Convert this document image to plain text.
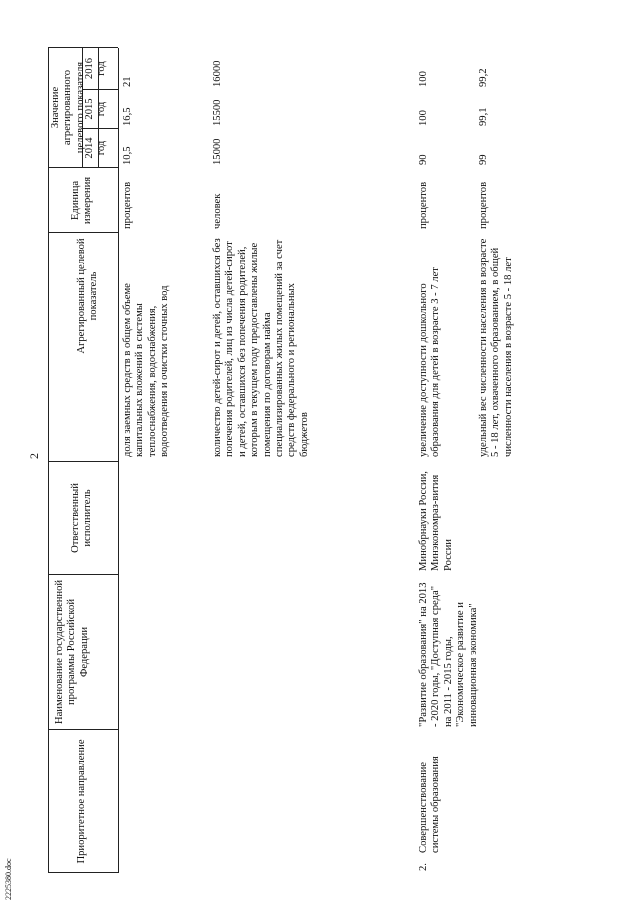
2
Приоритетное направление
Наименование государственной программы Российской Федерации
Ответственный исполнитель
Агрегированный целевой показатель
Единица измерения
Значение агрегированного целевого показателя
2014 год
2015 год
2016 год
доля заемных средств в общем объеме капитальных вложений в системы теплоснабжения, водоснабжения, водоотведения и очистки сточных вод
процентов
10,5
16,5
21
количество детей-сирот и детей, оставшихся без попечения родителей, лиц из числа детей-сирот и детей, оставшихся без попечения родителей, которым в текущем году предоставлены жилые помещения по договорам найма специализированных жилых помещений за счет средств федерального и региональных бюджетов
человек
15000
15500
16000
2.
Совершенствование системы образования
"Развитие образования" на 2013 - 2020 годы, "Доступная среда" на 2011 - 2015 годы, "Экономическое развитие и инновационная экономика"
Минобрнауки России, Минэкономраз-вития России
увеличение доступности дошкольного образования для детей в возрасте 3 - 7 лет
процентов
90
100
100
удельный вес численности населения в возрасте 5 - 18 лет, охваченного образованием, в общей численности населения в возрасте 5 - 18 лет
процентов
99
99,1
99,2
2225380.doc
